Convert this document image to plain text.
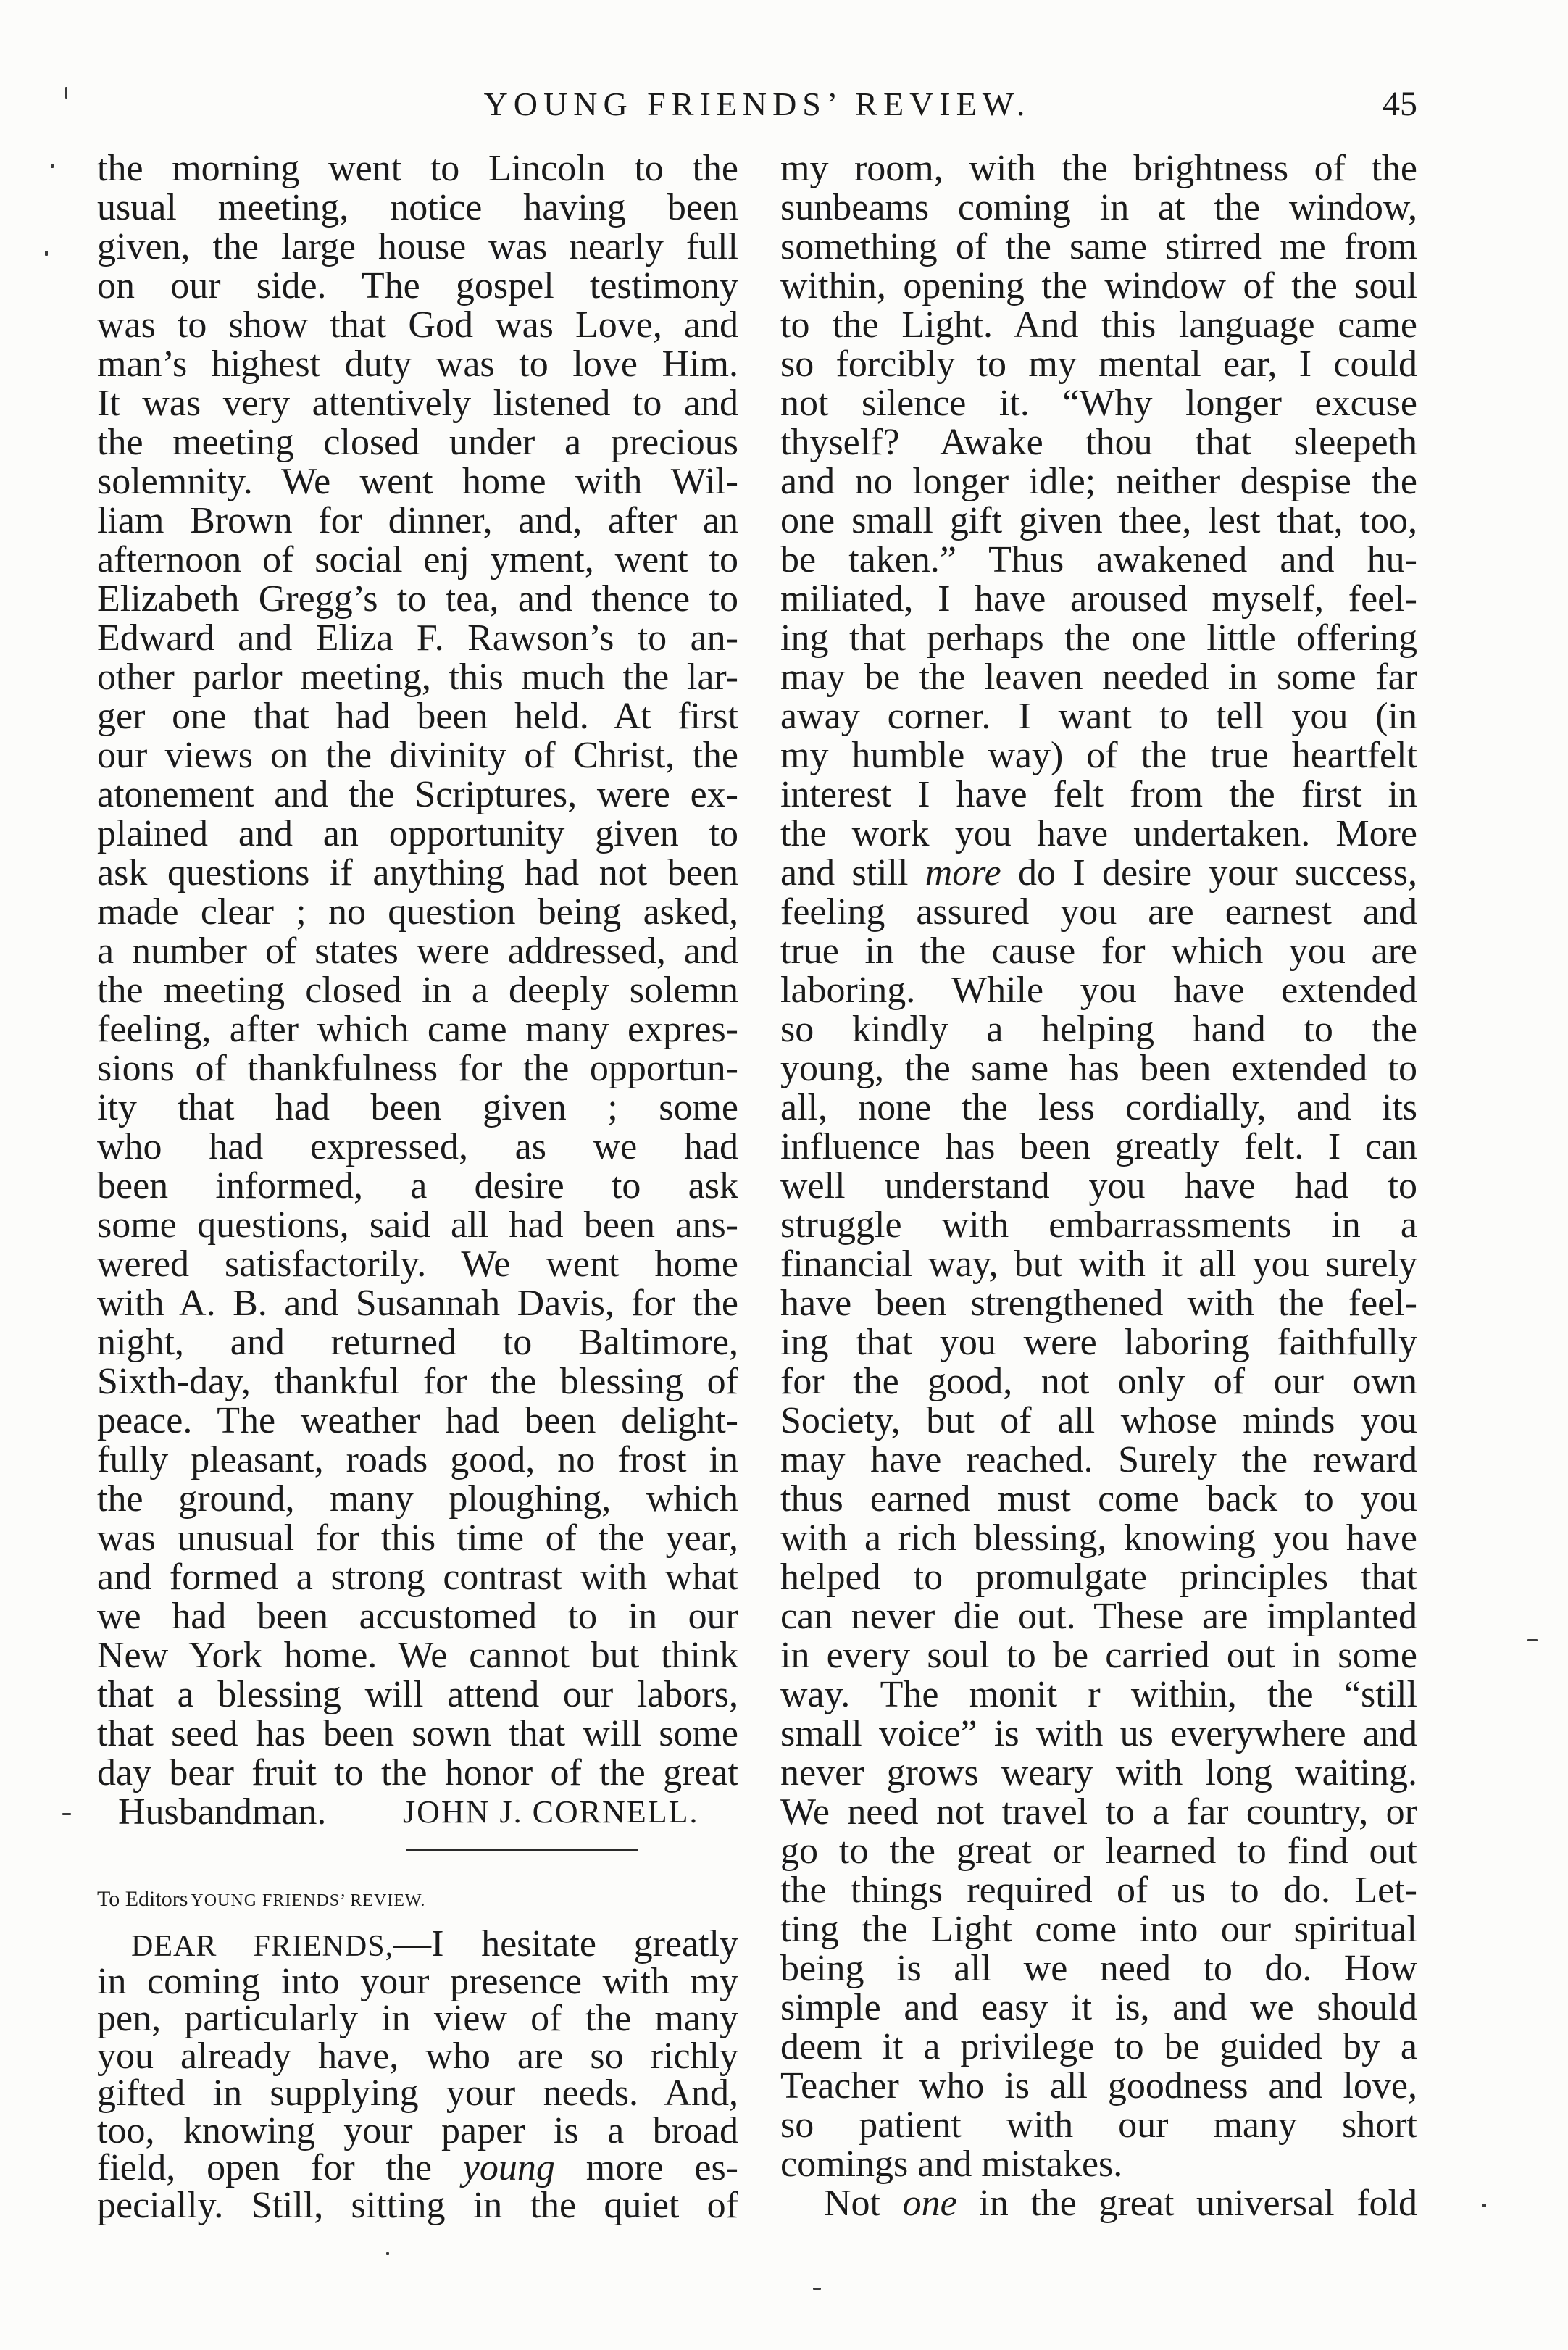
YOUNG FRIENDS’ REVIEW.	45
the morning went to Lincoln to the
usual meeting, notice having been
given, the large house was nearly full
on our side. The gospel testimony
was to show that God was Love, and
man’s highest duty was to love Him.
It was very attentively listened to and
the meeting closed under a precious
solemnity. We went home with Wil-
liam Brown for dinner, and, after an
afternoon of social enj yment, went to
Elizabeth Gregg’s to tea, and thence to
Edward and Eliza F. Rawson’s to an-
other parlor meeting, this much the lar-
ger one that had been held. At first
our views on the divinity of Christ, the
atonement and the Scriptures, were ex-
plained and an opportunity given to
ask questions if anything had not been
made clear ; no question being asked,
a number of states were addressed, and
the meeting closed in a deeply solemn
feeling, after which came many expres-
sions of thankfulness for the opportun-
ity that had been given ; some
who had expressed, as we had
been informed, a desire to ask
some questions, said all had been ans-
wered satisfactorily. We went home
with A. B. and Susannah Davis, for the
night, and returned to Baltimore,
Sixth-day, thankful for the blessing of
peace. The weather had been delight-
fully pleasant, roads good, no frost in
the ground, many ploughing, which
was unusual for this time of the year,
and formed a strong contrast with what
we had been accustomed to in our
New York home. We cannot but think
that a blessing will attend our labors,
that seed has been sown that will some
day bear fruit to the honor of the great
Husbandman. JOHN J. CORNELL.
To Editors YOUNG FRIENDS’ REVIEW.
DEAR FRIENDS,—I hesitate greatly
in coming into your presence with my
pen, particularly in view of the many
you already have, who are so richly
gifted in supplying your needs. And,
too, knowing your paper is a broad
field, open for the young more es-
pecially. Still, sitting in the quiet of
my room, with the brightness of the
sunbeams coming in at the window,
something of the same stirred me from
within, opening the window of the soul
to the Light. And this language came
so forcibly to my mental ear, I could
not silence it. “Why longer excuse
thyself? Awake thou that sleepeth
and no longer idle; neither despise the
one small gift given thee, lest that, too,
be taken.” Thus awakened and hu-
miliated, I have aroused myself, feel-
ing that perhaps the one little offering
may be the leaven needed in some far
away corner. I want to tell you (in
my humble way) of the true heartfelt
interest I have felt from the first in
the work you have undertaken. More
and still more do I desire your success,
feeling assured you are earnest and
true in the cause for which you are
laboring. While you have extended
so kindly a helping hand to the
young, the same has been extended to
all, none the less cordially, and its
influence has been greatly felt. I can
well understand you have had to
struggle with embarrassments in a
financial way, but with it all you surely
have been strengthened with the feel-
ing that you were laboring faithfully
for the good, not only of our own
Society, but of all whose minds you
may have reached. Surely the reward
thus earned must come back to you
with a rich blessing, knowing you have
helped to promulgate principles that
can never die out. These are implanted
in every soul to be carried out in some
way. The monit r within, the “still
small voice” is with us everywhere and
never grows weary with long waiting.
We need not travel to a far country, or
go to the great or learned to find out
the things required of us to do. Let-
ting the Light come into our spiritual
being is all we need to do. How
simple and easy it is, and we should
deem it a privilege to be guided by a
Teacher who is all goodness and love,
so patient with our many short
comings and mistakes.
Not one in the great universal fold
